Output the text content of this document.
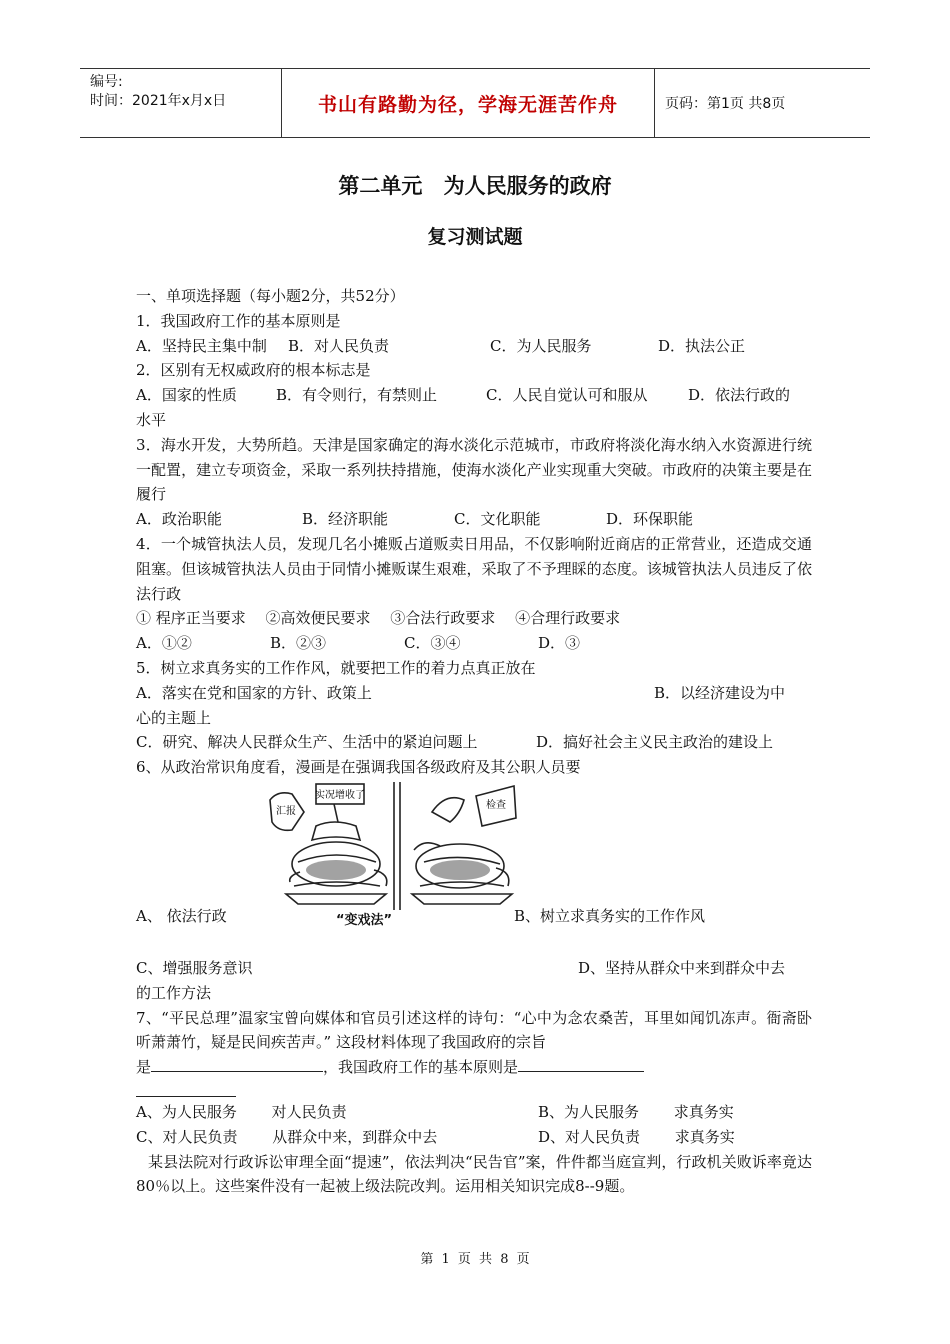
编号:
时间：2021年x月x日	书山有路勤为径，学海无涯苦作舟	页码：第1页 共8页
第二单元 为人民服务的政府
复习测试题
一、单项选择题（每小题2分，共52分）
1．我国政府工作的基本原则是
A．坚持民主集中制	B．对人民负责	C．为人民服务	D．执法公正
2．区别有无权威政府的根本标志是
A．国家的性质	B．有令则行，有禁则止	C．人民自觉认可和服从	D．依法行政的
水平
3．海水开发，大势所趋。天津是国家确定的海水淡化示范城市，市政府将淡化海水纳入水资源进行统一配置，建立专项资金，采取一系列扶持措施，使海水淡化产业实现重大突破。市政府的决策主要是在履行
A．政治职能	B．经济职能	C．文化职能	D．环保职能
4．一个城管执法人员，发现几名小摊贩占道贩卖日用品，不仅影响附近商店的正常营业，还造成交通阻塞。但该城管执法人员由于同情小摊贩谋生艰难，采取了不予理睬的态度。该城管执法人员违反了依法行政
① 程序正当要求　 ②高效便民要求　 ③合法行政要求　 ④合理行政要求
A．①②	B．②③	C．③④	D．③
5．树立求真务实的工作作风，就要把工作的着力点真正放在
A．落实在党和国家的方针、政策上	B．以经济建设为中
心的主题上
C．研究、解决人民群众生产、生活中的紧迫问题上	D．搞好社会主义民主政治的建设上
6、从政治常识角度看，漫画是在强调我国各级政府及其公职人员要
实况增收了
汇报
检查
“变戏法”
A、 依法行政	B、树立求真务实的工作作风
C、增强服务意识	D、坚持从群众中来到群众中去
的工作方法
7、“平民总理”温家宝曾向媒体和官员引述这样的诗句：“心中为念农桑苦，耳里如闻饥冻声。衙斋卧听萧萧竹，疑是民间疾苦声。” 这段材料体现了我国政府的宗旨
是	，我国政府工作的基本原则是
A、为人民服务　　 对人民负责	B、为人民服务　　 求真务实
C、对人民负责　　 从群众中来，到群众中去	D、对人民负责　　 求真务实
某县法院对行政诉讼审理全面“提速”，依法判决“民告官”案，件件都当庭宣判，行政机关败诉率竟达80％以上。这些案件没有一起被上级法院改判。运用相关知识完成8--9题。
第 1 页 共 8 页
